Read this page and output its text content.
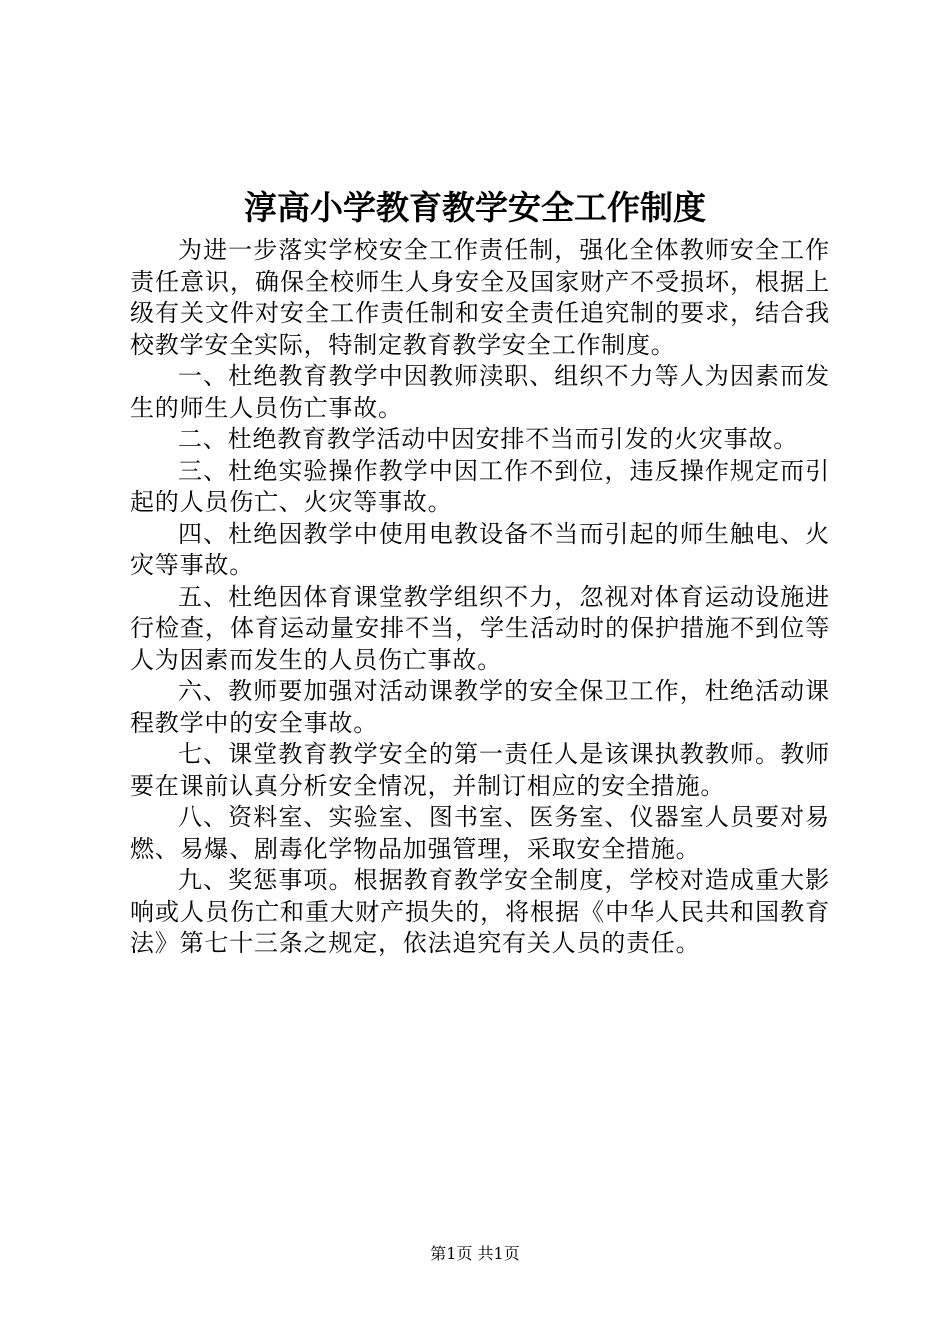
淳高小学教育教学安全工作制度

为进一步落实学校安全工作责任制，强化全体教师安全工作责任意识，确保全校师生人身安全及国家财产不受损坏，根据上级有关文件对安全工作责任制和安全责任追究制的要求，结合我校教学安全实际，特制定教育教学安全工作制度。

一、杜绝教育教学中因教师渎职、组织不力等人为因素而发生的师生人员伤亡事故。

二、杜绝教育教学活动中因安排不当而引发的火灾事故。

三、杜绝实验操作教学中因工作不到位，违反操作规定而引起的人员伤亡、火灾等事故。

四、杜绝因教学中使用电教设备不当而引起的师生触电、火灾等事故。

五、杜绝因体育课堂教学组织不力，忽视对体育运动设施进行检查，体育运动量安排不当，学生活动时的保护措施不到位等人为因素而发生的人员伤亡事故。

六、教师要加强对活动课教学的安全保卫工作，杜绝活动课程教学中的安全事故。

七、课堂教育教学安全的第一责任人是该课执教教师。教师要在课前认真分析安全情况，并制订相应的安全措施。

八、资料室、实验室、图书室、医务室、仪器室人员要对易燃、易爆、剧毒化学物品加强管理，采取安全措施。

九、奖惩事项。根据教育教学安全制度，学校对造成重大影响或人员伤亡和重大财产损失的，将根据《中华人民共和国教育法》第七十三条之规定，依法追究有关人员的责任。

第1页 共1页
